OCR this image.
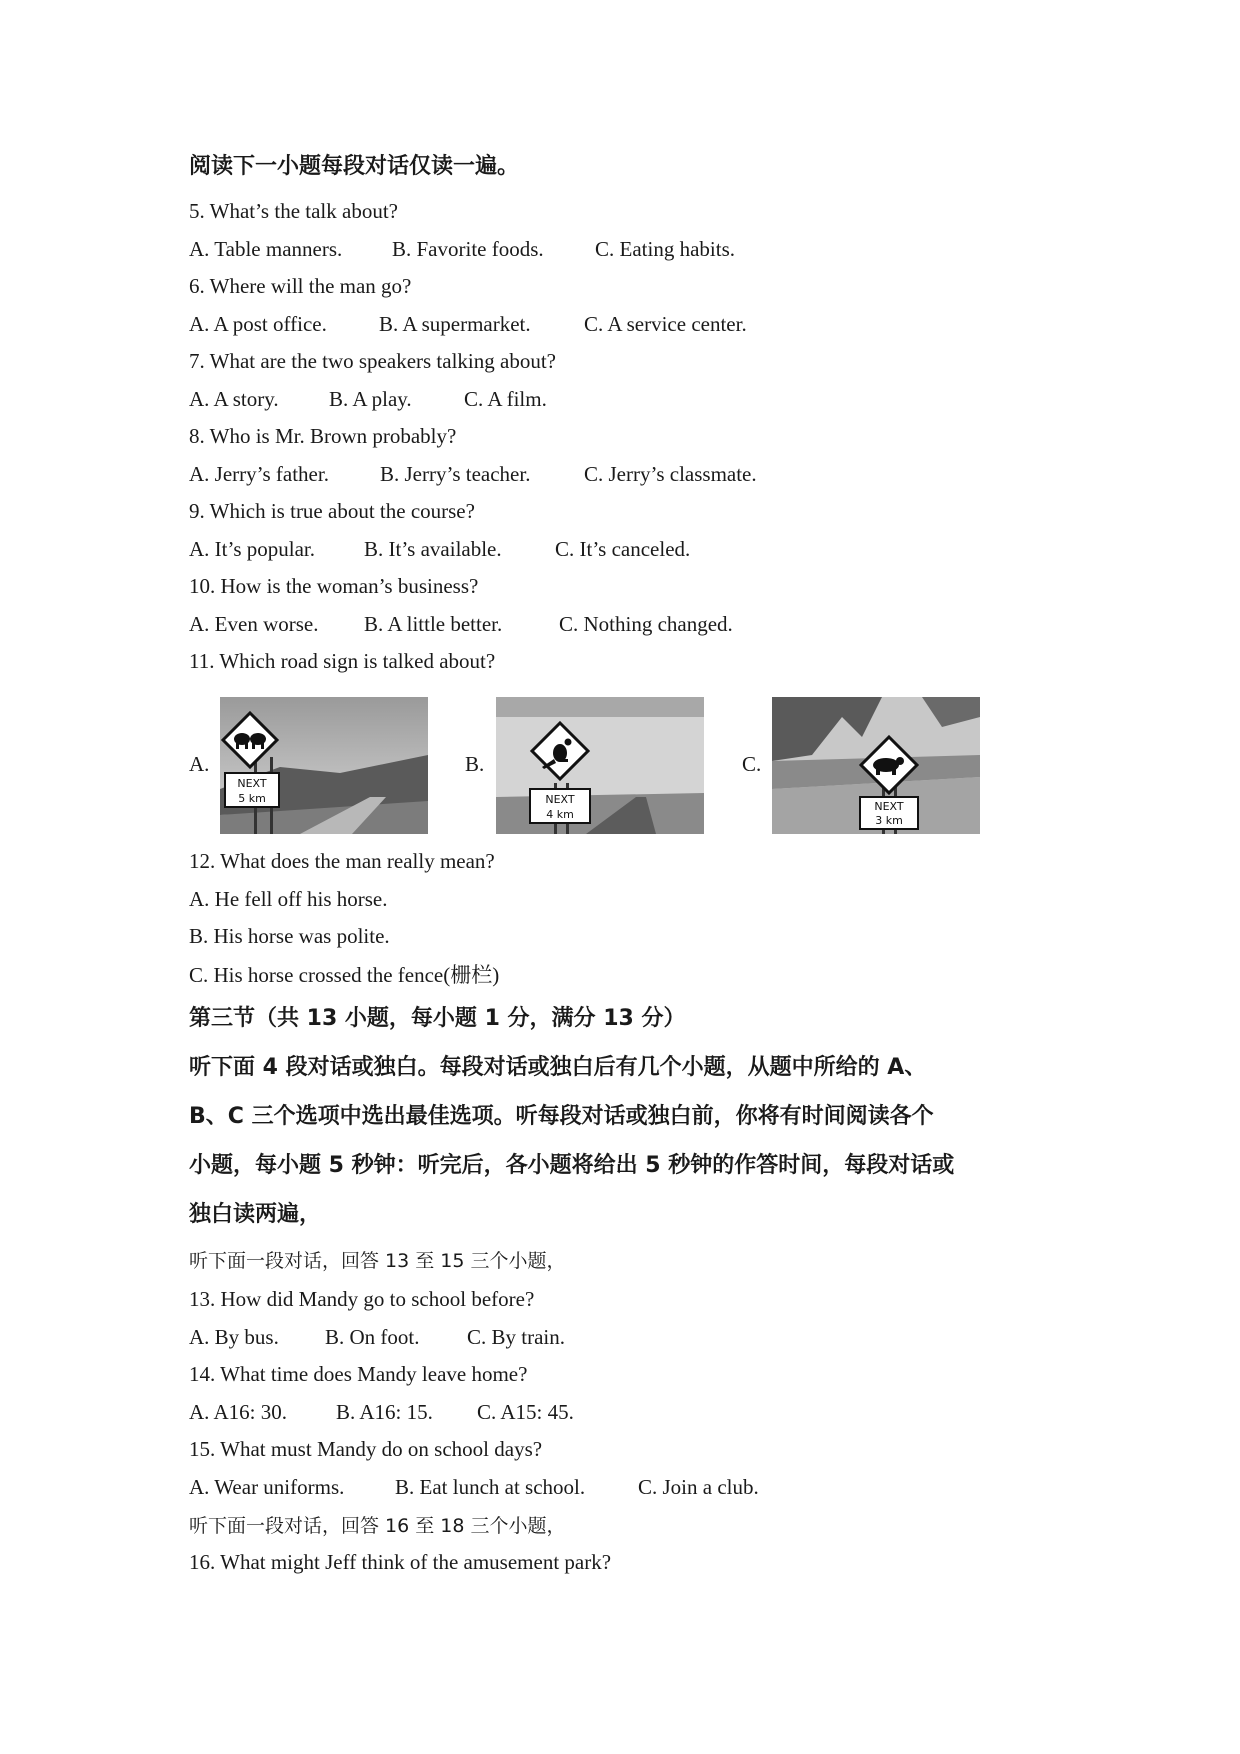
阅读下一小题每段对话仅读一遍。
5. What’s the talk about?
A. Table manners. B. Favorite foods. C. Eating habits.
6. Where will the man go?
A. A post office. B. A supermarket.	C. A service center.
7. What are the two speakers talking about?
A. A story. B. A play. C. A film.
8. Who is Mr. Brown probably?
A. Jerry’s father. B. Jerry’s teacher.	C. Jerry’s classmate.
9. Which is true about the course?
A. It’s popular. B. It’s available.	C. It’s canceled.
10. How is the woman’s business?
A. Even worse. B. A little better.	C. Nothing changed.
11. Which road sign is talked about?
A.
NEXT
5 km
B.
NEXT
4 km
C.
NEXT
3 km
12. What does the man really mean?
A. He fell off his horse.
B. His horse was polite.
C. His horse crossed the fence(栅栏)
第三节（共 13 小题，每小题 1 分，满分 13 分）
听下面 4 段对话或独白。每段对话或独白后有几个小题，从题中所给的 A、
B、C 三个选项中选出最佳选项。听每段对话或独白前，你将有时间阅读各个
小题，每小题 5 秒钟：听完后，各小题将给出 5 秒钟的作答时间，每段对话或
独白读两遍，
听下面一段对话，回答 13 至 15 三个小题，
13. How did Mandy go to school before?
A. By bus. B. On foot. C. By train.
14. What time does Mandy leave home?
A. A16: 30. B. A16: 15. C. A15: 45.
15. What must Mandy do on school days?
A. Wear uniforms. B. Eat lunch at school.	C. Join a club.
听下面一段对话，回答 16 至 18 三个小题，
16. What might Jeff think of the amusement park?
